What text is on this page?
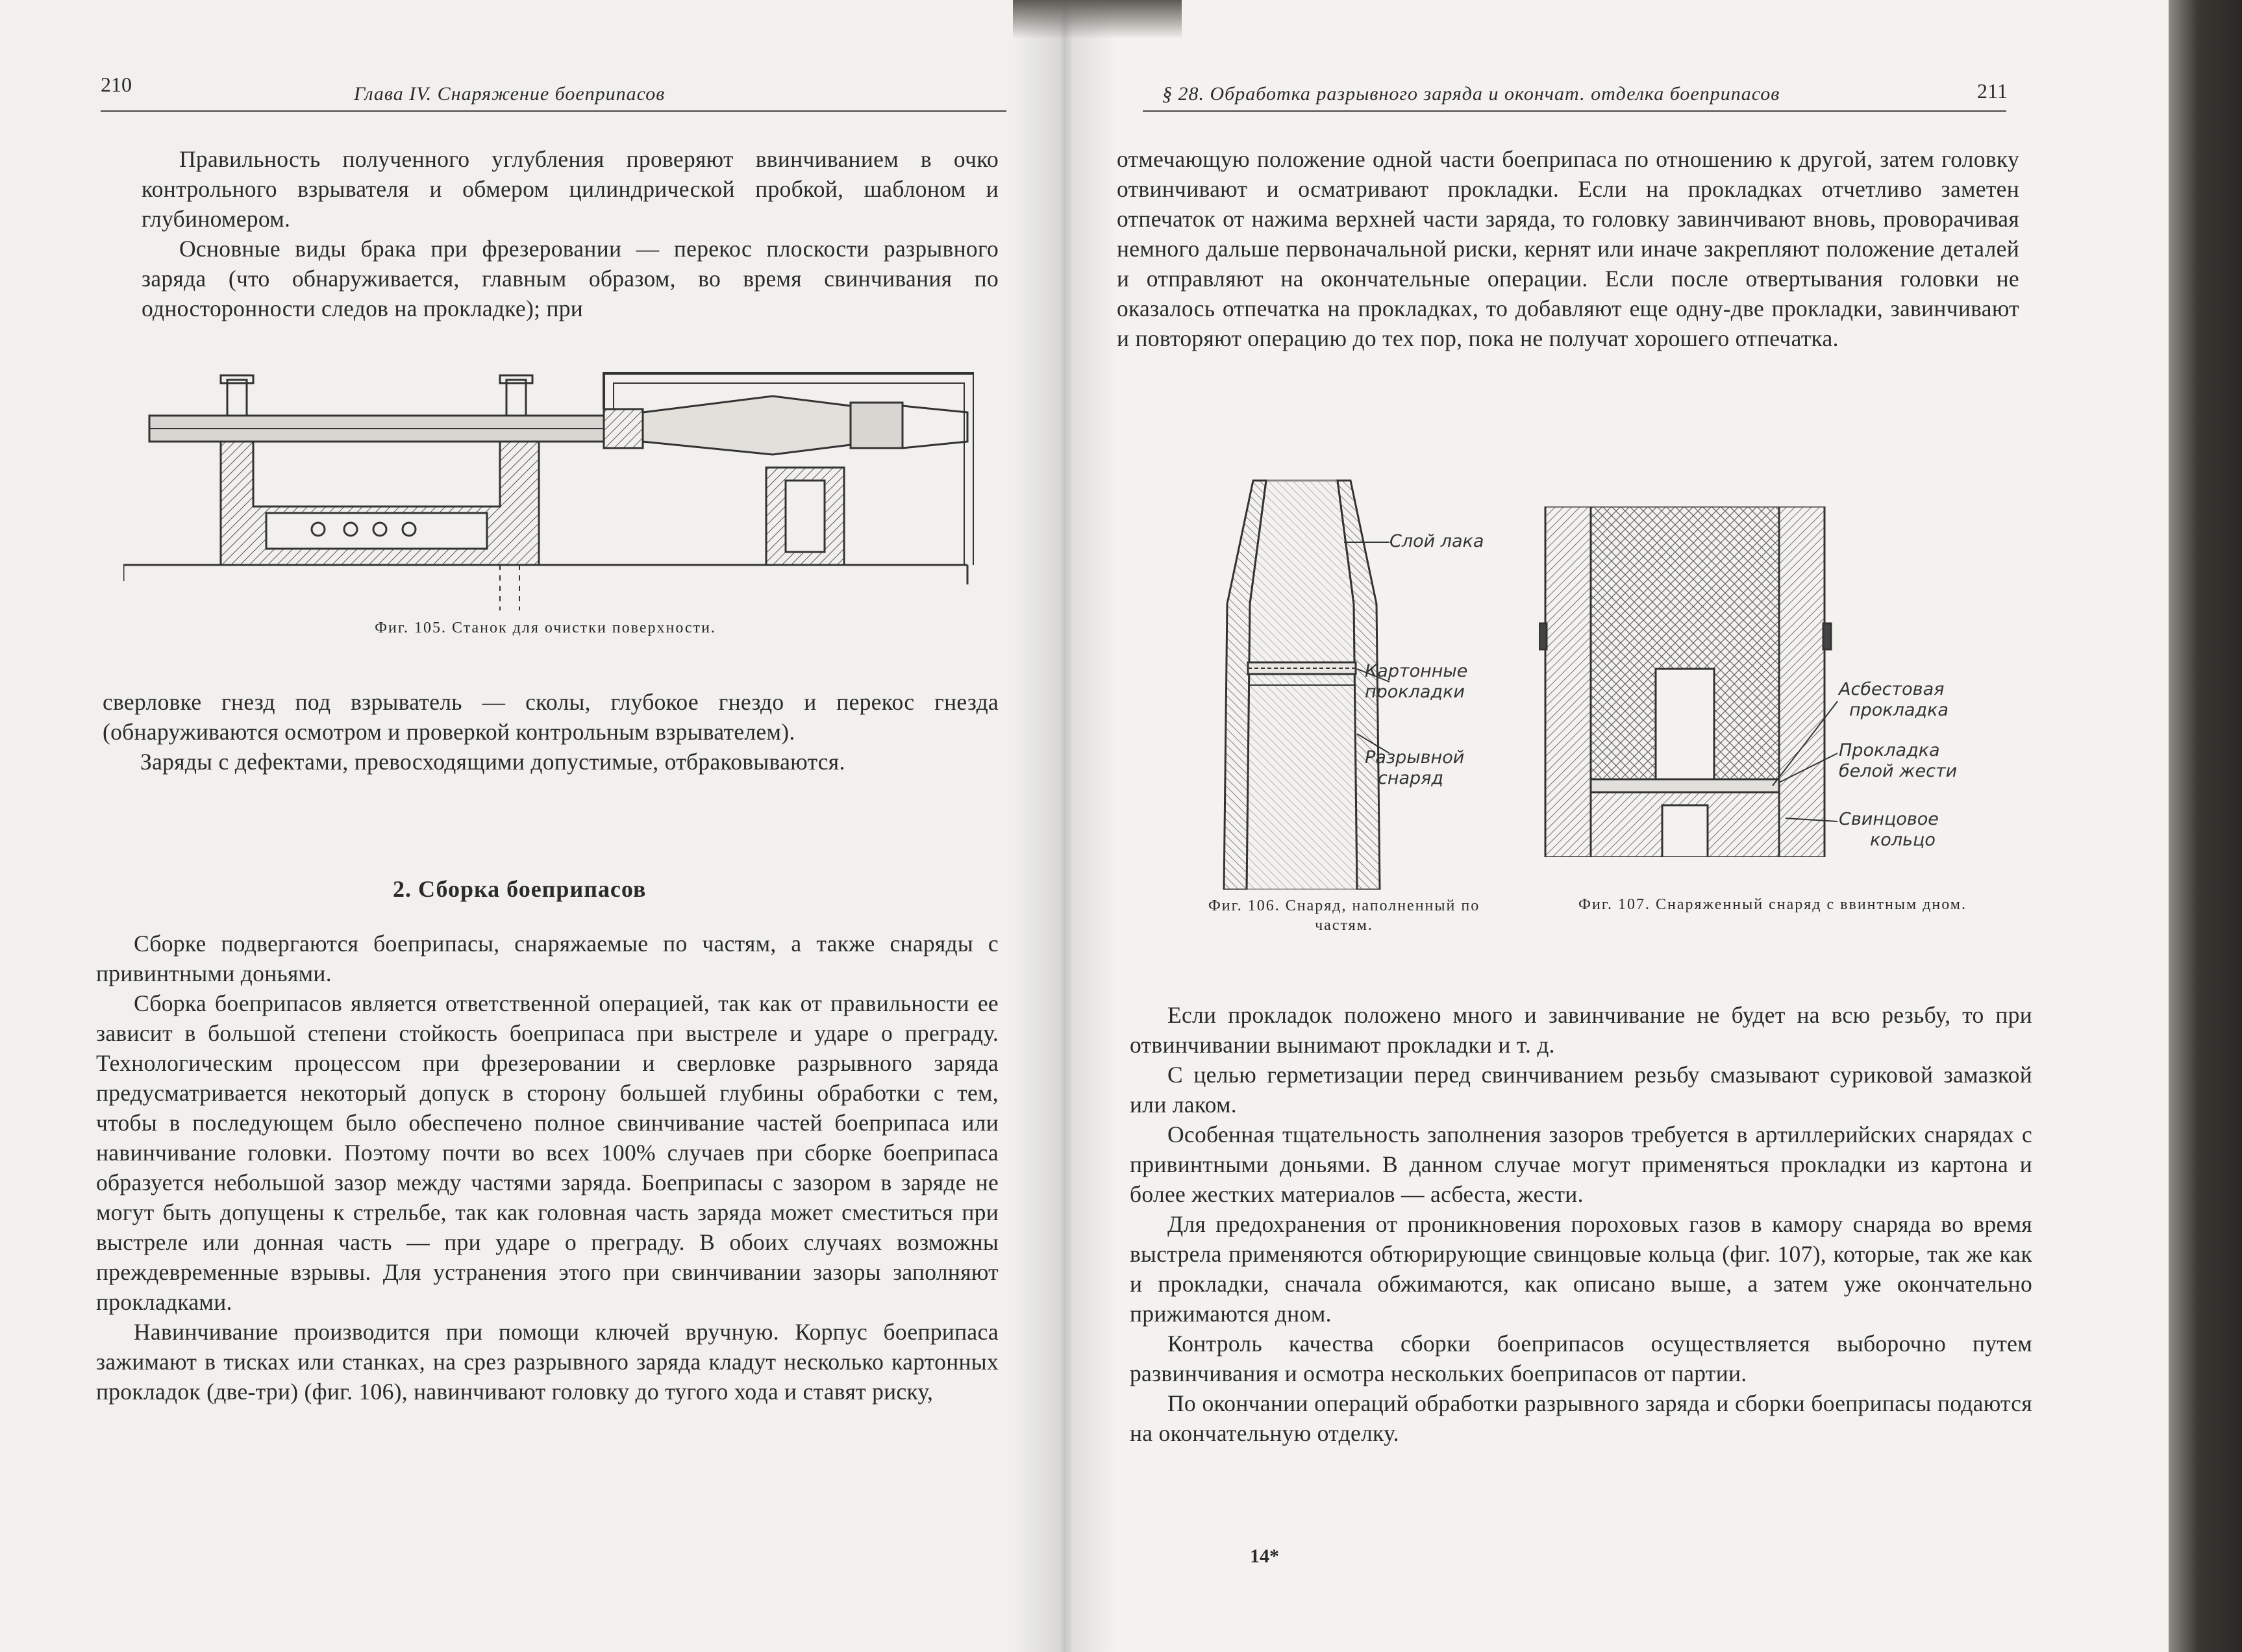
210	Глава IV. Снаряжение боеприпасов

Правильность полученного углубления проверяют ввинчиванием в очко контрольного взрывателя и обмером цилиндрической пробкой, шаблоном и глубиномером.

Основные виды брака при фрезеровании — перекос плоскости разрывного заряда (что обнаруживается, главным образом, во время свинчивания по односторонности следов на прокладке); при

Фиг. 105. Станок для очистки поверхности.

сверловке гнезд под взрыватель — сколы, глубокое гнездо и перекос гнезда (обнаруживаются осмотром и проверкой контрольным взрывателем).

Заряды с дефектами, превосходящими допустимые, отбраковываются.

2. Сборка боеприпасов

Сборке подвергаются боеприпасы, снаряжаемые по частям, а также снаряды с привинтными доньями.

Сборка боеприпасов является ответственной операцией, так как от правильности ее зависит в большой степени стойкость боеприпаса при выстреле и ударе о преграду. Технологическим процессом при фрезеровании и сверловке разрывного заряда предусматривается некоторый допуск в сторону большей глубины обработки с тем, чтобы в последующем было обеспечено полное свинчивание частей боеприпаса или навинчивание головки. Поэтому почти во всех 100% случаев при сборке боеприпаса образуется небольшой зазор между частями заряда. Боеприпасы с зазором в заряде не могут быть допущены к стрельбе, так как головная часть заряда может сместиться при выстреле или донная часть — при ударе о преграду. В обоих случаях возможны преждевременные взрывы. Для устранения этого при свинчивании зазоры заполняют прокладками.

Навинчивание производится при помощи ключей вручную. Корпус боеприпаса зажимают в тисках или станках, на срез разрывного заряда кладут несколько картонных прокладок (две-три) (фиг. 106), навинчивают головку до тугого хода и ставят риску,

§ 28. Обработка разрывного заряда и окончат. отделка боеприпасов	211

отмечающую положение одной части боеприпаса по отношению к другой, затем головку отвинчивают и осматривают прокладки. Если на прокладках отчетливо заметен отпечаток от нажима верхней части заряда, то головку завинчивают вновь, проворачивая немного дальше первоначальной риски, кернят или иначе закрепляют положение деталей и отправляют на окончательные операции. Если после отвертывания головки не оказалось отпечатка на прокладках, то добавляют еще одну-две прокладки, завинчивают и повторяют операцию до тех пор, пока не получат хорошего отпечатка.

Слой лака
Картонные
прокладки
Разрывной
снаряд
Фиг. 106. Снаряд, наполненный по частям.
Асбестовая
прокладка
Прокладка
белой жести
Свинцовое
кольцо
Фиг. 107. Снаряженный снаряд с ввинтным дном.

Если прокладок положено много и завинчивание не будет на всю резьбу, то при отвинчивании вынимают прокладки и т. д.

С целью герметизации перед свинчиванием резьбу смазывают суриковой замазкой или лаком.

Особенная тщательность заполнения зазоров требуется в артиллерийских снарядах с привинтными доньями. В данном случае могут применяться прокладки из картона и более жестких материалов — асбеста, жести.

Для предохранения от проникновения пороховых газов в камору снаряда во время выстрела применяются обтюрирующие свинцовые кольца (фиг. 107), которые, так же как и прокладки, сначала обжимаются, как описано выше, а затем уже окончательно прижимаются дном.

Контроль качества сборки боеприпасов осуществляется выборочно путем развинчивания и осмотра нескольких боеприпасов от партии.

По окончании операций обработки разрывного заряда и сборки боеприпасы подаются на окончательную отделку.

14*
